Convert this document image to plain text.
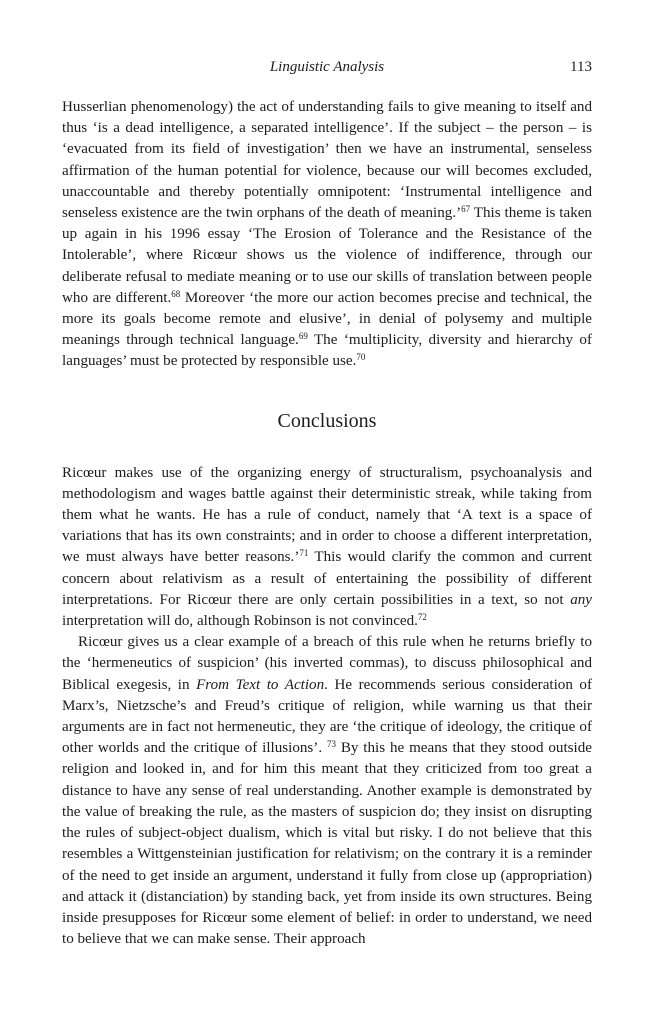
Linguistic Analysis	113

Husserlian phenomenology) the act of understanding fails to give meaning to itself and thus ‘is a dead intelligence, a separated intelligence’. If the subject – the person – is ‘evacuated from its field of investigation’ then we have an instrumental, senseless affirmation of the human potential for violence, because our will becomes excluded, unaccountable and thereby potentially omnipotent: ‘Instrumental intelligence and senseless existence are the twin orphans of the death of meaning.’$^{67}$ This theme is taken up again in his 1996 essay ‘The Erosion of Tolerance and the Resistance of the Intolerable’, where Ricœur shows us the violence of indifference, through our deliberate refusal to mediate meaning or to use our skills of translation between people who are different.$^{68}$ Moreover ‘the more our action becomes precise and technical, the more its goals become remote and elusive’, in denial of polysemy and multiple meanings through technical language.$^{69}$ The ‘multiplicity, diversity and hierarchy of languages’ must be protected by responsible use.$^{70}$

Conclusions

Ricœur makes use of the organizing energy of structuralism, psychoanalysis and methodologism and wages battle against their deterministic streak, while taking from them what he wants. He has a rule of conduct, namely that ‘A text is a space of variations that has its own constraints; and in order to choose a different interpretation, we must always have better reasons.’$^{71}$ This would clarify the common and current concern about relativism as a result of entertaining the possibility of different interpretations. For Ricœur there are only certain possibilities in a text, so not any interpretation will do, although Robinson is not convinced.$^{72}$

Ricœur gives us a clear example of a breach of this rule when he returns briefly to the ‘hermeneutics of suspicion’ (his inverted commas), to discuss philosophical and Biblical exegesis, in From Text to Action. He recommends serious consideration of Marx’s, Nietzsche’s and Freud’s critique of religion, while warning us that their arguments are in fact not hermeneutic, they are ‘the critique of ideology, the critique of other worlds and the critique of illusions’. $^{73}$ By this he means that they stood outside religion and looked in, and for him this meant that they criticized from too great a distance to have any sense of real understanding. Another example is demonstrated by the value of breaking the rule, as the masters of suspicion do; they insist on disrupting the rules of subject-object dualism, which is vital but risky. I do not believe that this resembles a Wittgensteinian justification for relativism; on the contrary it is a reminder of the need to get inside an argument, understand it fully from close up (appropriation) and attack it (distanciation) by standing back, yet from inside its own structures. Being inside presupposes for Ricœur some element of belief: in order to understand, we need to believe that we can make sense. Their approach
